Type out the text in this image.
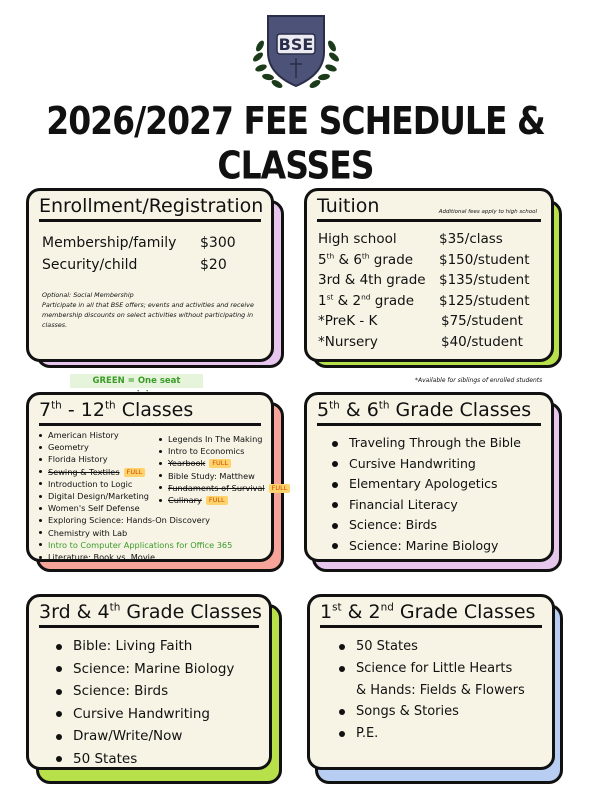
BSE
2026/2027 FEE SCHEDULE & CLASSES
Enrollment/Registration
Membership/family	$300
Security/child	$20
Optional: Social Membership
Participate in all that BSE offers; events and activities and receive membership discounts on select activities without participating in classes.
Tuition	Additional fees apply to high school
High school	$35/class
5th & 6th grade	$150/student
3rd & 4th grade $135/student
1st & 2nd grade	$125/student
*PreK - K	$75/student
*Nursery	$40/student
GREEN = One seat	*Available for siblings of enrolled students
7th - 12th Classes
American History
Geometry
Florida History
Sewing & Textiles FULL
Introduction to Logic
Digital Design/Marketing
Women's Self Defense
Exploring Science: Hands-On Discovery
Chemistry with Lab
Intro to Computer Applications for Office 365
Literature: Book vs. Movie
Legends In The Making
Intro to Economics
Yearbook FULL
Bible Study: Matthew
Fundaments of Survival FULL
Culinary FULL
5th & 6th Grade Classes
Traveling Through the Bible
Cursive Handwriting
Elementary Apologetics
Financial Literacy
Science: Birds
Science: Marine Biology
3rd & 4th Grade Classes
Bible: Living Faith
Science: Marine Biology
Science: Birds
Cursive Handwriting
Draw/Write/Now
50 States
1st & 2nd Grade Classes
50 States
Science for Little Hearts
& Hands: Fields & Flowers
Songs & Stories
P.E.
